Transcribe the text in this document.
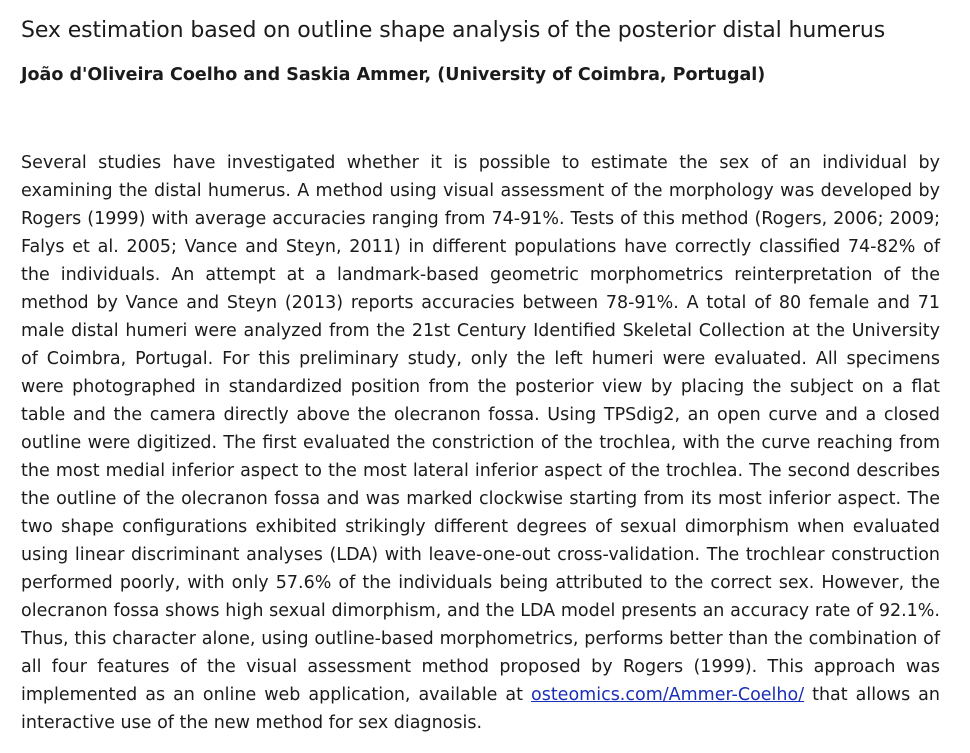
Sex estimation based on outline shape analysis of the posterior distal humerus
João d'Oliveira Coelho and Saskia Ammer, (University of Coimbra, Portugal)

Several studies have investigated whether it is possible to estimate the sex of an individual by examining the distal humerus. A method using visual assessment of the morphology was developed by Rogers (1999) with average accuracies ranging from 74-91%. Tests of this method (Rogers, 2006; 2009; Falys et al. 2005; Vance and Steyn, 2011) in different populations have correctly classified 74-82% of the individuals. An attempt at a landmark-based geometric morphometrics reinterpretation of the method by Vance and Steyn (2013) reports accuracies between 78-91%. A total of 80 female and 71 male distal humeri were analyzed from the 21st Century Identified Skeletal Collection at the University of Coimbra, Portugal. For this preliminary study, only the left humeri were evaluated. All specimens were photographed in standardized position from the posterior view by placing the subject on a flat table and the camera directly above the olecranon fossa. Using TPSdig2, an open curve and a closed outline were digitized. The first evaluated the constriction of the trochlea, with the curve reaching from the most medial inferior aspect to the most lateral inferior aspect of the trochlea. The second describes the outline of the olecranon fossa and was marked clockwise starting from its most inferior aspect. The two shape configurations exhibited strikingly different degrees of sexual dimorphism when evaluated using linear discriminant analyses (LDA) with leave-one-out cross-validation. The trochlear construction performed poorly, with only 57.6% of the individuals being attributed to the correct sex. However, the olecranon fossa shows high sexual dimorphism, and the LDA model presents an accuracy rate of 92.1%. Thus, this character alone, using outline-based morphometrics, performs better than the combination of all four features of the visual assessment method proposed by Rogers (1999). This approach was implemented as an online web application, available at osteomics.com/Ammer-Coelho/ that allows an interactive use of the new method for sex diagnosis.
